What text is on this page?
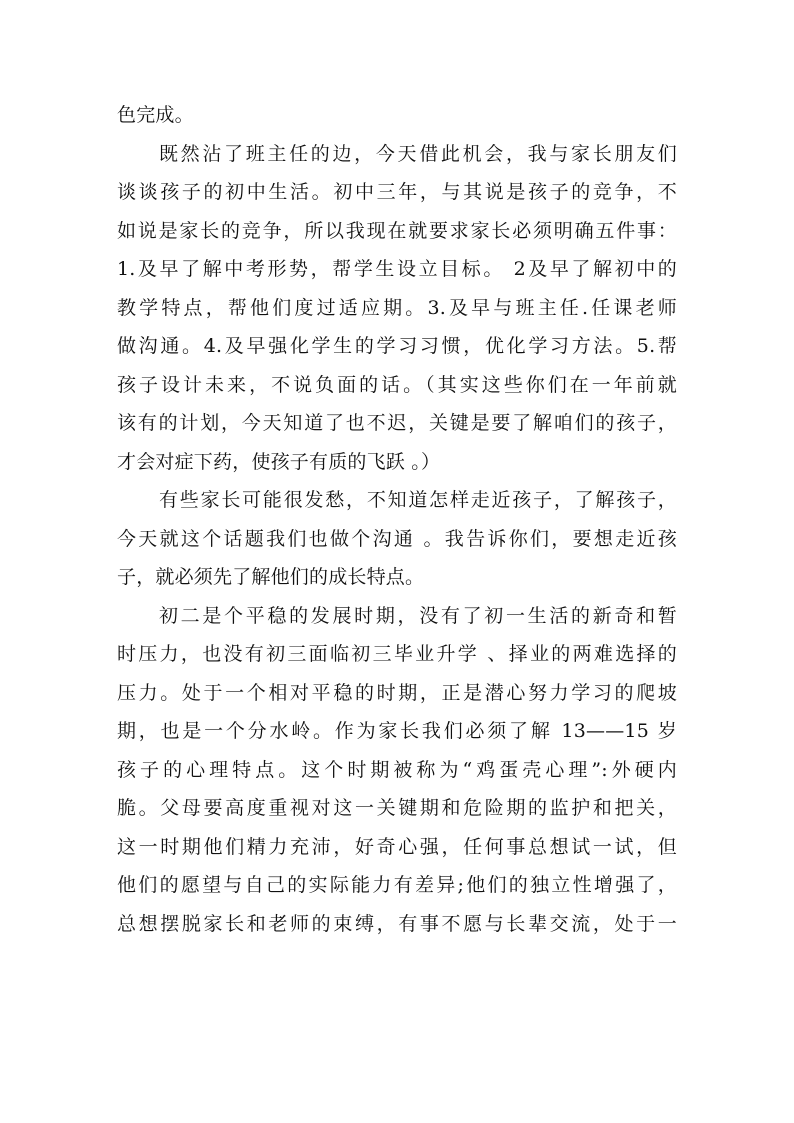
色完成。
既然沾了班主任的边，今天借此机会，我与家长朋友们
谈谈孩子的初中生活。初中三年，与其说是孩子的竞争，不
如说是家长的竞争，所以我现在就要求家长必须明确五件事：
1.及早了解中考形势，帮学生设立目标。 2及早了解初中的
教学特点，帮他们度过适应期。3.及早与班主任.任课老师
做沟通。4.及早强化学生的学习习惯，优化学习方法。5.帮
孩子设计未来，不说负面的话。（其实这些你们在一年前就
该有的计划，今天知道了也不迟，关键是要了解咱们的孩子，
才会对症下药，使孩子有质的飞跃 。）
有些家长可能很发愁，不知道怎样走近孩子，了解孩子，
今天就这个话题我们也做个沟通 。我告诉你们，要想走近孩
子，就必须先了解他们的成长特点。
初二是个平稳的发展时期，没有了初一生活的新奇和暂
时压力，也没有初三面临初三毕业升学 、择业的两难选择的
压力。处于一个相对平稳的时期，正是潜心努力学习的爬坡
期，也是一个分水岭。作为家长我们必须了解 13——15 岁
孩子的心理特点。这个时期被称为“鸡蛋壳心理”:外硬内
脆。父母要高度重视对这一关键期和危险期的监护和把关，
这一时期他们精力充沛，好奇心强，任何事总想试一试，但
他们的愿望与自己的实际能力有差异;他们的独立性增强了，
总想摆脱家长和老师的束缚，有事不愿与长辈交流，处于一
